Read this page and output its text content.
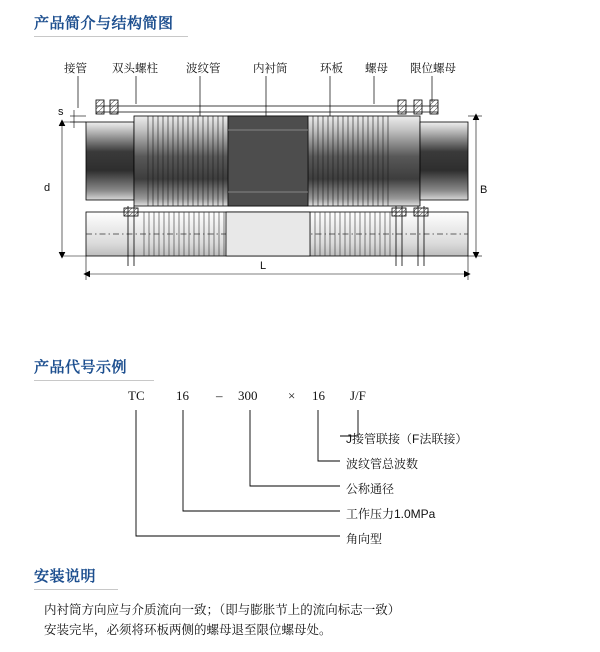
产品简介与结构简图
产品代号示例
安装说明
接管 双头螺柱 波纹管	内衬筒	环板 螺母 限位螺母
s
d	B
L
TC 16 – 300 × 16 J/F
J接管联接（F法联接）
波纹管总波数
公称通径
工作压力1.0MPa
角向型
内衬筒方向应与介质流向一致；（即与膨胀节上的流向标志一致）
安装完毕，必须将环板两侧的螺母退至限位螺母处。
